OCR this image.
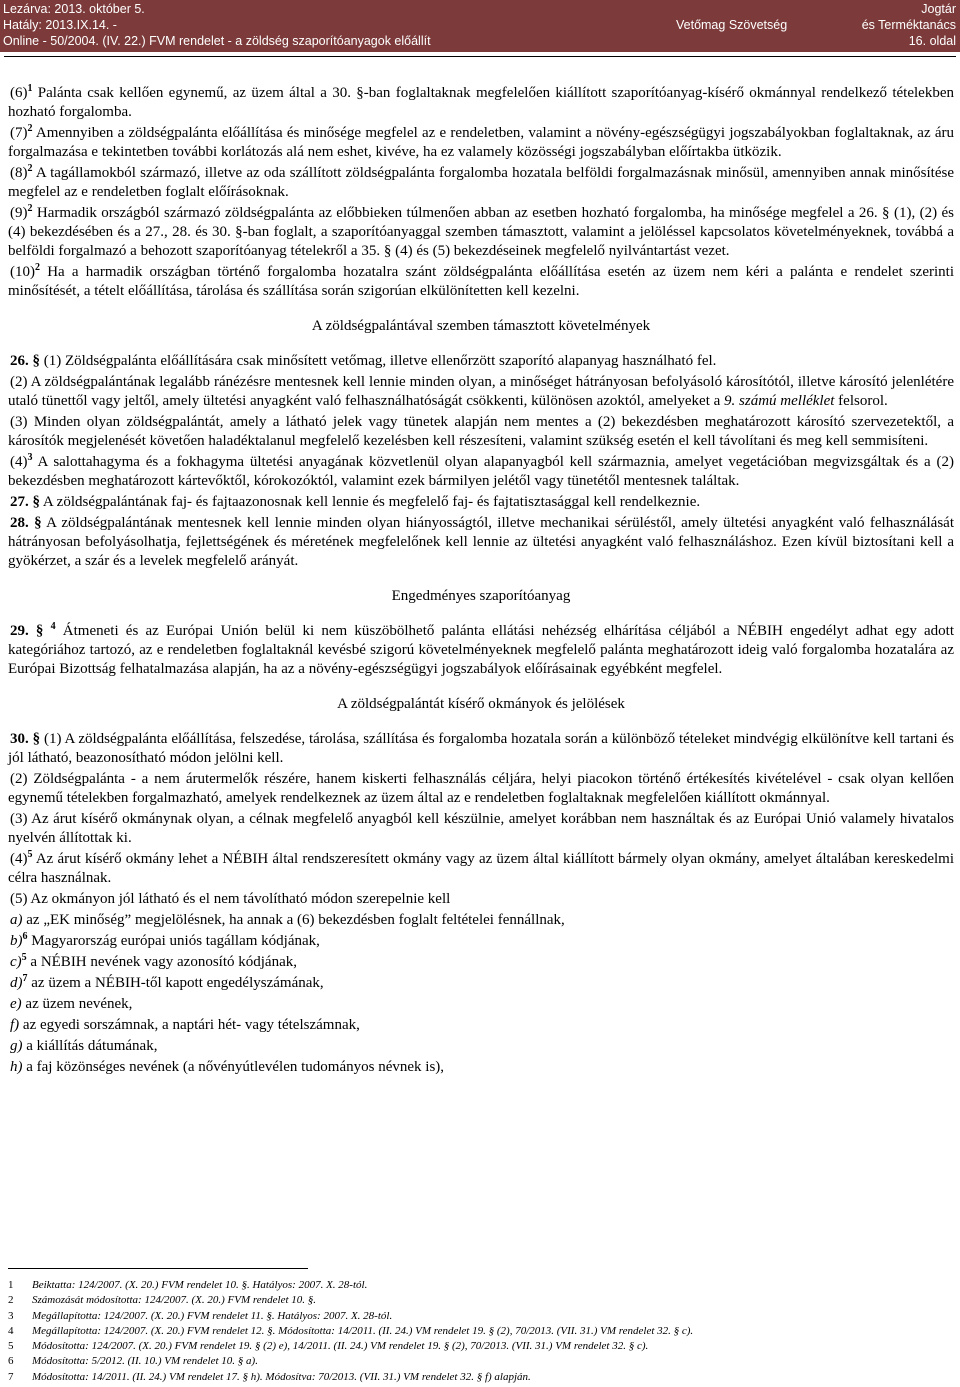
Lezárva: 2013. október 5.
Hatály: 2013.IX.14. -
Online - 50/2004. (IV. 22.) FVM rendelet - a zöldség szaporítóanyagok előállít
Vetőmag Szövetség
Jogtár
és Terméktanács
16. oldal

$(6)^1$ Palánta csak kellően egynemű, az üzem által a 30. §-ban foglaltaknak megfelelően kiállított szaporítóanyag-kísérő okmánnyal rendelkező tételekben hozható forgalomba.

$(7)^2$ Amennyiben a zöldségpalánta előállítása és minősége megfelel az e rendeletben, valamint a növény-egészségügyi jogszabályokban foglaltaknak, az áru forgalmazása e tekintetben további korlátozás alá nem eshet, kivéve, ha ez valamely közösségi jogszabályban előírtakba ütközik.

$(8)^2$ A tagállamokból származó, illetve az oda szállított zöldségpalánta forgalomba hozatala belföldi forgalmazásnak minősül, amennyiben annak minősítése megfelel az e rendeletben foglalt előírásoknak.

$(9)^2$ Harmadik országból származó zöldségpalánta az előbbieken túlmenően abban az esetben hozható forgalomba, ha minősége megfelel a 26. § (1), (2) és (4) bekezdésében és a 27., 28. és 30. §-ban foglalt, a szaporítóanyaggal szemben támasztott, valamint a jelöléssel kapcsolatos követelményeknek, továbbá a belföldi forgalmazó a behozott szaporítóanyag tételekről a 35. § (4) és (5) bekezdéseinek megfelelő nyilvántartást vezet.

$(10)^2$ Ha a harmadik országban történő forgalomba hozatalra szánt zöldségpalánta előállítása esetén az üzem nem kéri a palánta e rendelet szerinti minősítését, a tételt előállítása, tárolása és szállítása során szigorúan elkülönítetten kell kezelni.

A zöldségpalántával szemben támasztott követelmények

26. § (1) Zöldségpalánta előállítására csak minősített vetőmag, illetve ellenőrzött szaporító alapanyag használható fel.

(2) A zöldségpalántának legalább ránézésre mentesnek kell lennie minden olyan, a minőséget hátrányosan befolyásoló károsítótól, illetve károsító jelenlétére utaló tünettől vagy jeltől, amely ültetési anyagként való felhasználhatóságát csökkenti, különösen azoktól, amelyeket a 9. számú melléklet felsorol.

(3) Minden olyan zöldségpalántát, amely a látható jelek vagy tünetek alapján nem mentes a (2) bekezdésben meghatározott károsító szervezetektől, a károsítók megjelenését követően haladéktalanul megfelelő kezelésben kell részesíteni, valamint szükség esetén el kell távolítani és meg kell semmisíteni.

$(4)^3$ A salottahagyma és a fokhagyma ültetési anyagának közvetlenül olyan alapanyagból kell származnia, amelyet vegetációban megvizsgáltak és a (2) bekezdésben meghatározott kártevőktől, kórokozóktól, valamint ezek bármilyen jelétől vagy tünetétől mentesnek találtak.

27. § A zöldségpalántának faj- és fajtaazonosnak kell lennie és megfelelő faj- és fajtatisztasággal kell rendelkeznie.

28. § A zöldségpalántának mentesnek kell lennie minden olyan hiányosságtól, illetve mechanikai sérüléstől, amely ültetési anyagként való felhasználását hátrányosan befolyásolhatja, fejlettségének és méretének megfelelőnek kell lennie az ültetési anyagként való felhasználáshoz. Ezen kívül biztosítani kell a gyökérzet, a szár és a levelek megfelelő arányát.

Engedményes szaporítóanyag

29. § $^4$ Átmeneti és az Európai Unión belül ki nem küszöbölhető palánta ellátási nehézség elhárítása céljából a NÉBIH engedélyt adhat egy adott kategóriához tartozó, az e rendeletben foglaltaknál kevésbé szigorú követelményeknek megfelelő palánta meghatározott ideig való forgalomba hozatalára az Európai Bizottság felhatalmazása alapján, ha az a növény-egészségügyi jogszabályok előírásainak egyébként megfelel.

A zöldségpalántát kísérő okmányok és jelölések

30. § (1) A zöldségpalánta előállítása, felszedése, tárolása, szállítása és forgalomba hozatala során a különböző tételeket mindvégig elkülönítve kell tartani és jól látható, beazonosítható módon jelölni kell.

(2) Zöldségpalánta - a nem árutermelők részére, hanem kiskerti felhasználás céljára, helyi piacokon történő értékesítés kivételével - csak olyan kellően egynemű tételekben forgalmazható, amelyek rendelkeznek az üzem által az e rendeletben foglaltaknak megfelelően kiállított okmánnyal.

(3) Az árut kísérő okmánynak olyan, a célnak megfelelő anyagból kell készülnie, amelyet korábban nem használtak és az Európai Unió valamely hivatalos nyelvén állítottak ki.

$(4)^5$ Az árut kísérő okmány lehet a NÉBIH által rendszeresített okmány vagy az üzem által kiállított bármely olyan okmány, amelyet általában kereskedelmi célra használnak.

(5) Az okmányon jól látható és el nem távolítható módon szerepelnie kell

a) az „EK minőség” megjelölésnek, ha annak a (6) bekezdésben foglalt feltételei fennállnak,

b)$^6$ Magyarország európai uniós tagállam kódjának,

c)$^5$ a NÉBIH nevének vagy azonosító kódjának,

d)$^7$ az üzem a NÉBIH-től kapott engedélyszámának,

e) az üzem nevének,

f) az egyedi sorszámnak, a naptári hét- vagy tételszámnak,

g) a kiállítás dátumának,

h) a faj közönséges nevének (a nővényútlevélen tudományos névnek is),

1 Beiktatta: 124/2007. (X. 20.) FVM rendelet 10. §. Hatályos: 2007. X. 28-tól.
2 Számozását módosította: 124/2007. (X. 20.) FVM rendelet 10. §.
3 Megállapította: 124/2007. (X. 20.) FVM rendelet 11. §. Hatályos: 2007. X. 28-tól.
4 Megállapította: 124/2007. (X. 20.) FVM rendelet 12. §. Módosította: 14/2011. (II. 24.) VM rendelet 19. § (2), 70/2013. (VII. 31.) VM rendelet 32. § c).
5 Módosította: 124/2007. (X. 20.) FVM rendelet 19. § (2) e), 14/2011. (II. 24.) VM rendelet 19. § (2), 70/2013. (VII. 31.) VM rendelet 32. § c).
6 Módosította: 5/2012. (II. 10.) VM rendelet 10. § a).
7 Módosította: 14/2011. (II. 24.) VM rendelet 17. § h). Módosítva: 70/2013. (VII. 31.) VM rendelet 32. § f) alapján.
